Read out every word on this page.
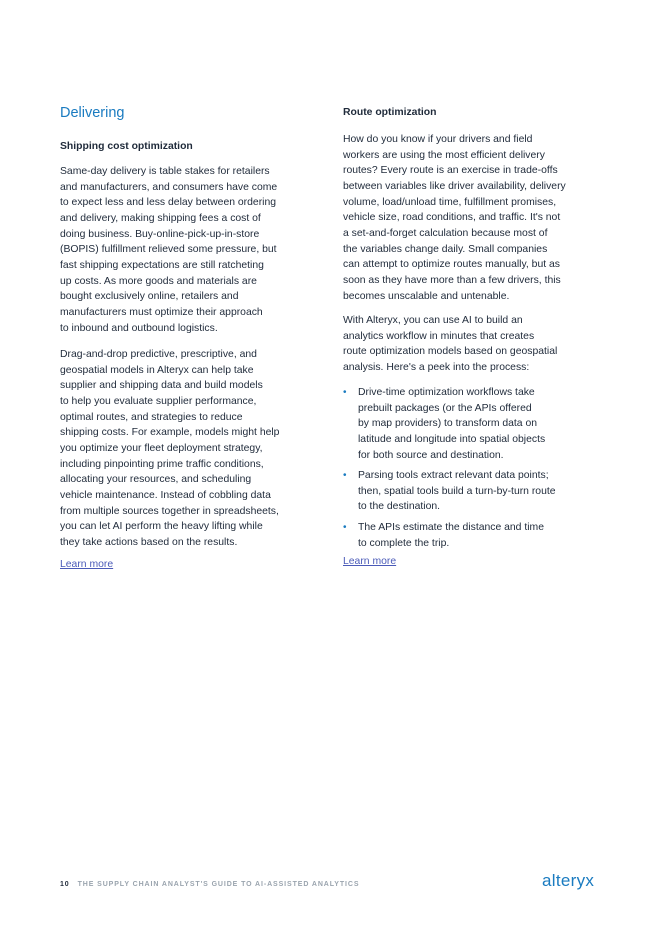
Delivering
Shipping cost optimization

Same-day delivery is table stakes for retailers
and manufacturers, and consumers have come
to expect less and less delay between ordering
and delivery, making shipping fees a cost of
doing business. Buy-online-pick-up-in-store
(BOPIS) fulfillment relieved some pressure, but
fast shipping expectations are still ratcheting
up costs. As more goods and materials are
bought exclusively online, retailers and
manufacturers must optimize their approach
to inbound and outbound logistics.

Drag-and-drop predictive, prescriptive, and
geospatial models in Alteryx can help take
supplier and shipping data and build models
to help you evaluate supplier performance,
optimal routes, and strategies to reduce
shipping costs. For example, models might help
you optimize your fleet deployment strategy,
including pinpointing prime traffic conditions,
allocating your resources, and scheduling
vehicle maintenance. Instead of cobbling data
from multiple sources together in spreadsheets,
you can let AI perform the heavy lifting while
they take actions based on the results.

Learn more
Route optimization

How do you know if your drivers and field
workers are using the most efficient delivery
routes? Every route is an exercise in trade-offs
between variables like driver availability, delivery
volume, load/unload time, fulfillment promises,
vehicle size, road conditions, and traffic. It's not
a set-and-forget calculation because most of
the variables change daily. Small companies
can attempt to optimize routes manually, but as
soon as they have more than a few drivers, this
becomes unscalable and untenable.

With Alteryx, you can use AI to build an
analytics workflow in minutes that creates
route optimization models based on geospatial
analysis. Here's a peek into the process:

• Drive-time optimization workflows take
prebuilt packages (or the APIs offered
by map providers) to transform data on
latitude and longitude into spatial objects
for both source and destination.

• Parsing tools extract relevant data points;
then, spatial tools build a turn-by-turn route
to the destination.

• The APIs estimate the distance and time
to complete the trip.

Learn more
10 THE SUPPLY CHAIN ANALYST'S GUIDE TO AI-ASSISTED ANALYTICS	alteryx
